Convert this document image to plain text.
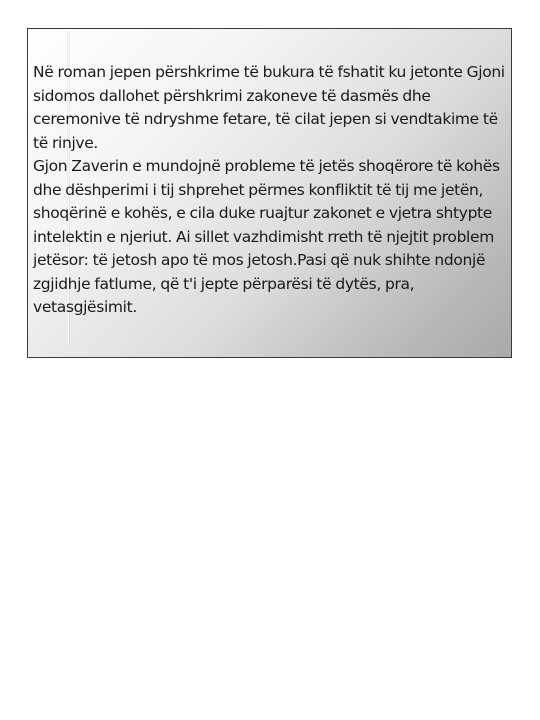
Në roman jepen përshkrime të bukura të fshatit ku jetonte Gjoni sidomos dallohet përshkrimi zakoneve të dasmës dhe ceremonive të ndryshme fetare, të cilat jepen si vendtakime të të rinjve.

Gjon Zaverin e mundojnë probleme të jetës shoqërore të kohës dhe dëshperimi i tij shprehet përmes konfliktit të tij me jetën, shoqërinë e kohës, e cila duke ruajtur zakonet e vjetra shtypte intelektin e njeriut. Ai sillet vazhdimisht rreth të njejtit problem jetësor: të jetosh apo të mos jetosh.Pasi që nuk shihte ndonjë zgjidhje fatlume, që t'i jepte përparësi të dytës, pra, vetasgjësimit.
